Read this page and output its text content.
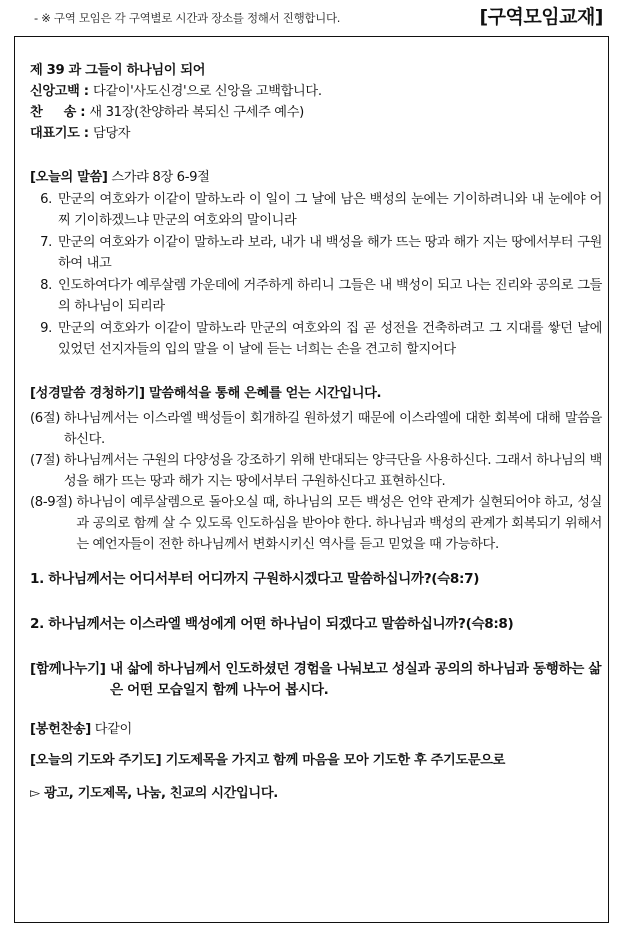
- ※ 구역 모임은 각 구역별로 시간과 장소를 정해서 진행합니다.	[구역모임교재]
제 39 과 그들이 하나님이 되어
신앙고백 : 다같이'사도신경'으로 신앙을 고백합니다.
찬     송 : 새 31장(찬양하라 복되신 구세주 예수)
대표기도 : 담당자
[오늘의 말씀] 스가랴 8장 6-9절
6. 만군의 여호와가 이같이 말하노라 이 일이 그 날에 남은 백성의 눈에는 기이하려니와 내 눈에야 어찌 기이하겠느냐 만군의 여호와의 말이니라
7. 만군의 여호와가 이같이 말하노라 보라, 내가 내 백성을 해가 뜨는 땅과 해가 지는 땅에서부터 구원하여 내고
8. 인도하여다가 예루살렘 가운데에 거주하게 하리니 그들은 내 백성이 되고 나는 진리와 공의로 그들의 하나님이 되리라
9. 만군의 여호와가 이같이 말하노라 만군의 여호와의 집 곧 성전을 건축하려고 그 지대를 쌓던 날에 있었던 선지자들의 입의 말을 이 날에 듣는 너희는 손을 견고히 할지어다
[성경말씀 경청하기] 말씀해석을 통해 은혜를 얻는 시간입니다.
(6절) 하나님께서는 이스라엘 백성들이 회개하길 원하셨기 때문에 이스라엘에 대한 회복에 대해 말씀을 하신다.
(7절) 하나님께서는 구원의 다양성을 강조하기 위해 반대되는 양극단을 사용하신다. 그래서 하나님의 백성을 해가 뜨는 땅과 해가 지는 땅에서부터 구원하신다고 표현하신다.
(8-9절) 하나님이 예루살렘으로 돌아오실 때, 하나님의 모든 백성은 언약 관계가 실현되어야 하고, 성실과 공의로 함께 살 수 있도록 인도하심을 받아야 한다. 하나님과 백성의 관계가 회복되기 위해서는 예언자들이 전한 하나님께서 변화시키신 역사를 듣고 믿었을 때 가능하다.
1. 하나님께서는 어디서부터 어디까지 구원하시겠다고 말씀하십니까?(슥8:7)
2. 하나님께서는 이스라엘 백성에게 어떤 하나님이 되겠다고 말씀하십니까?(슥8:8)
[함께나누기] 내 삶에 하나님께서 인도하셨던 경험을 나눠보고 성실과 공의의 하나님과 동행하는 삶은 어떤 모습일지 함께 나누어 봅시다.
[봉헌찬송] 다같이
[오늘의 기도와 주기도] 기도제목을 가지고 함께 마음을 모아 기도한 후 주기도문으로
▻ 광고, 기도제목, 나눔, 친교의 시간입니다.
